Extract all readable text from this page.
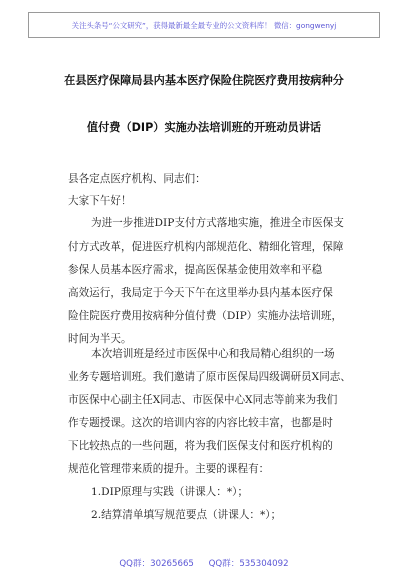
关注头条号“公文研究”，获得最新最全最专业的公文资料库！ 微信：gongwenyj
在县医疗保障局县内基本医疗保险住院医疗费用按病种分
值付费（DIP）实施办法培训班的开班动员讲话
县各定点医疗机构、同志们：
大家下午好！
为进一步推进DIP支付方式落地实施，推进全市医保支
付方式改革，促进医疗机构内部规范化、精细化管理，保障
参保人员基本医疗需求，提高医保基金使用效率和平稳
高效运行，我局定于今天下午在这里举办县内基本医疗保
险住院医疗费用按病种分值付费（DIP）实施办法培训班，
时间为半天。
本次培训班是经过市医保中心和我局精心组织的一场
业务专题培训班。我们邀请了原市医保局四级调研员X同志、
市医保中心副主任X同志、市医保中心X同志等前来为我们
作专题授课。这次的培训内容的内容比较丰富，也都是时
下比较热点的一些问题，将为我们医保支付和医疗机构的
规范化管理带来质的提升。主要的课程有：
1.DIP原理与实践（讲课人：*）；
2.结算清单填写规范要点（讲课人：*）；
QQ群：30265665 QQ群：535304092
